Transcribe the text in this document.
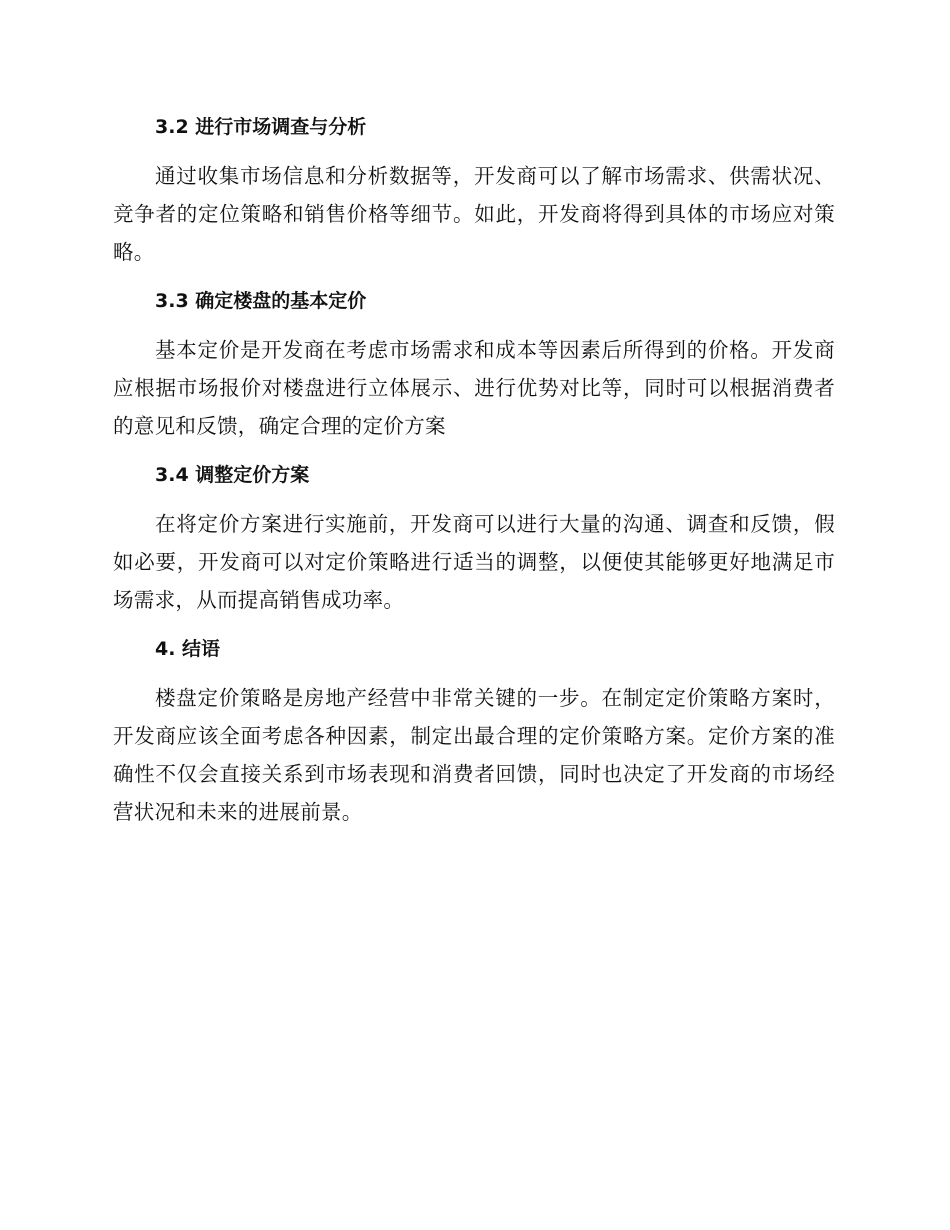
3.2 进行市场调查与分析

通过收集市场信息和分析数据等，开发商可以了解市场需求、供需状况、竞争者的定位策略和销售价格等细节。如此，开发商将得到具体的市场应对策略。

3.3 确定楼盘的基本定价

基本定价是开发商在考虑市场需求和成本等因素后所得到的价格。开发商应根据市场报价对楼盘进行立体展示、进行优势对比等，同时可以根据消费者的意见和反馈，确定合理的定价方案

3.4 调整定价方案

在将定价方案进行实施前，开发商可以进行大量的沟通、调查和反馈，假如必要，开发商可以对定价策略进行适当的调整，以便使其能够更好地满足市场需求，从而提高销售成功率。

4. 结语

楼盘定价策略是房地产经营中非常关键的一步。在制定定价策略方案时，开发商应该全面考虑各种因素，制定出最合理的定价策略方案。定价方案的准确性不仅会直接关系到市场表现和消费者回馈，同时也决定了开发商的市场经营状况和未来的进展前景。
